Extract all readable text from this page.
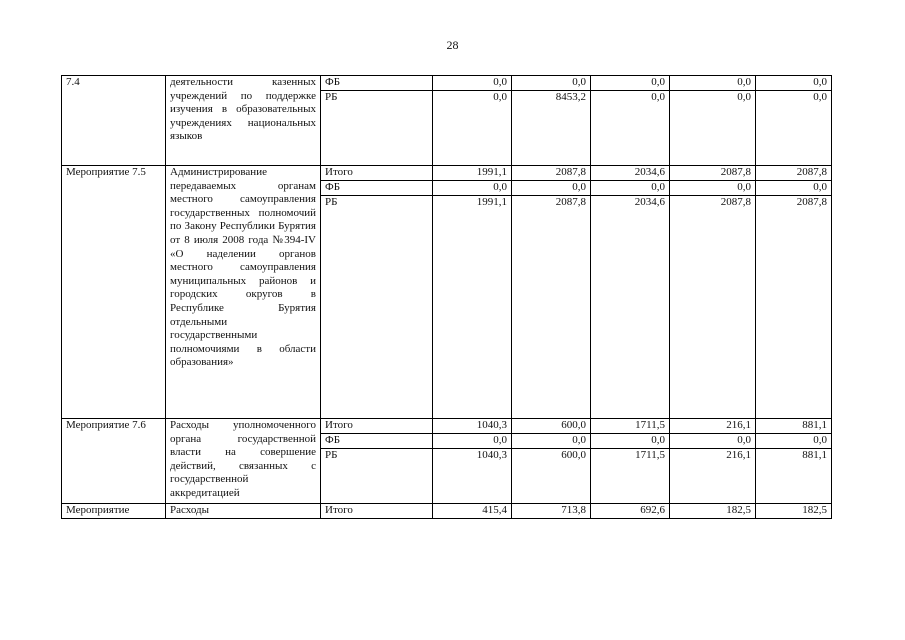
28
7.4	деятельности казенных учреждений по поддержке изучения в образовательных учреждениях национальных языков	ФБ	0,0	0,0	0,0	0,0	0,0
		РБ	0,0	8453,2	0,0	0,0	0,0
Мероприятие 7.5	Администрирование передаваемых органам местного самоуправления государственных полномочий по Закону Республики Бурятия от 8 июля 2008 года №394-IV «О наделении органов местного самоуправления муниципальных районов и городских округов в Республике Бурятия отдельными государственными полномочиями в области образования»	Итого	1991,1	2087,8	2034,6	2087,8	2087,8
		ФБ	0,0	0,0	0,0	0,0	0,0
		РБ	1991,1	2087,8	2034,6	2087,8	2087,8
Мероприятие 7.6	Расходы уполномоченного органа государственной власти на совершение действий, связанных с государственной аккредитацией	Итого	1040,3	600,0	1711,5	216,1	881,1
		ФБ	0,0	0,0	0,0	0,0	0,0
		РБ	1040,3	600,0	1711,5	216,1	881,1
Мероприятие	Расходы	Итого	415,4	713,8	692,6	182,5	182,5
